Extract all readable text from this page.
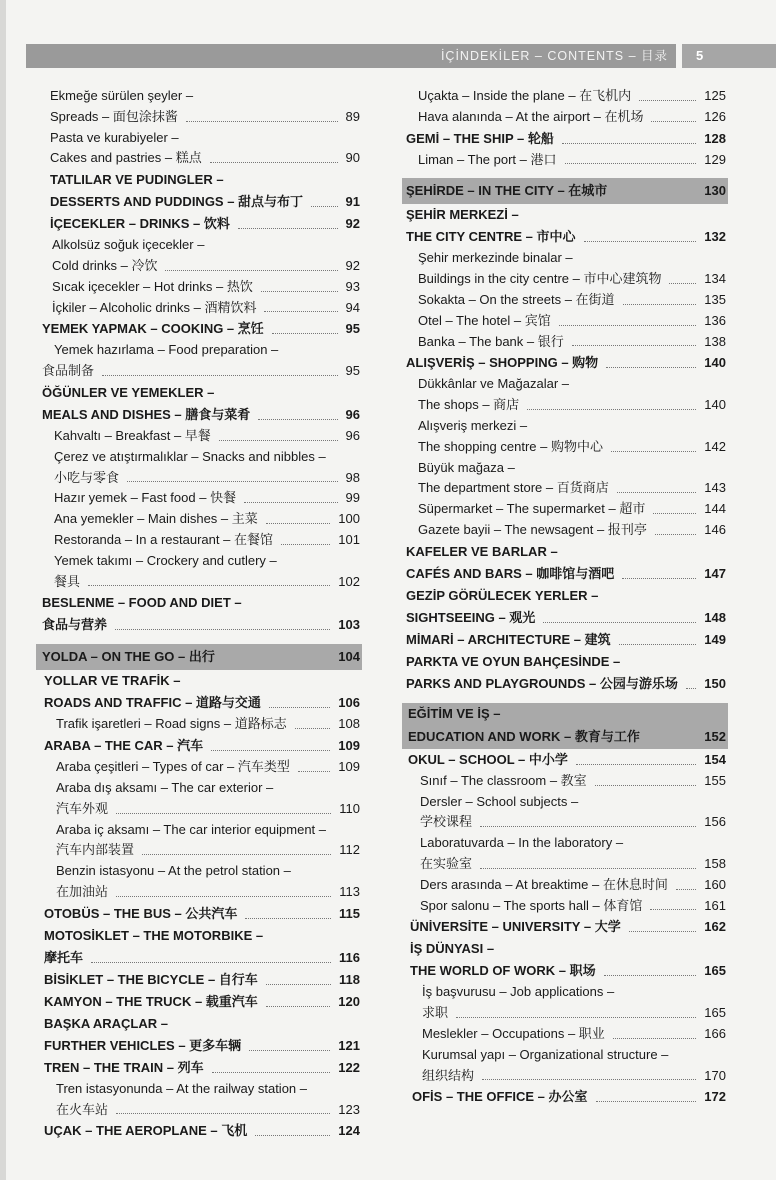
İÇİNDEKİLER – CONTENTS – 目录 5
Ekmeğe sürülen şeyler –
Spreads – 面包涂抹酱	89
Pasta ve kurabiyeler –
Cakes and pastries – 糕点	90
TATLILAR VE PUDINGLER –
DESSERTS AND PUDDINGS – 甜点与布丁	91
İÇECEKLER – DRINKS – 饮料	92
Alkolsüz soğuk içecekler –
Cold drinks – 冷饮	92
Sıcak içecekler – Hot drinks – 热饮	93
İçkiler – Alcoholic drinks – 酒精饮料	94
YEMEK YAPMAK – COOKING – 烹饪	95
Yemek hazırlama – Food preparation –
食品制备	95
ÖĞÜNLER VE YEMEKLER –
MEALS AND DISHES – 膳食与菜肴	96
Kahvaltı – Breakfast – 早餐	96
Çerez ve atıştırmalıklar – Snacks and nibbles –
小吃与零食	98
Hazır yemek – Fast food – 快餐	99
Ana yemekler – Main dishes – 主菜	100
Restoranda – In a restaurant – 在餐馆	101
Yemek takımı – Crockery and cutlery –
餐具	102
BESLENME – FOOD AND DIET –
食品与营养	103
YOLDA – ON THE GO – 出行	104
YOLLAR VE TRAFİK –
ROADS AND TRAFFIC – 道路与交通	106
Trafik işaretleri – Road signs – 道路标志	108
ARABA – THE CAR – 汽车	109
Araba çeşitleri – Types of car – 汽车类型	109
Araba dış aksamı – The car exterior –
汽车外观	110
Araba iç aksamı – The car interior equipment –
汽车内部装置	112
Benzin istasyonu – At the petrol station –
在加油站	113
OTOBÜS – THE BUS – 公共汽车	115
MOTOSİKLET – THE MOTORBIKE –
摩托车	116
BİSİKLET – THE BICYCLE – 自行车	118
KAMYON – THE TRUCK – 载重汽车	120
BAŞKA ARAÇLAR –
FURTHER VEHICLES – 更多车辆	121
TREN – THE TRAIN – 列车	122
Tren istasyonunda – At the railway station –
在火车站	123
UÇAK – THE AEROPLANE – 飞机	124
Uçakta – Inside the plane – 在飞机内	125
Hava alanında – At the airport – 在机场	126
GEMİ – THE SHIP – 轮船	128
Liman – The port – 港口	129
ŞEHİRDE – IN THE CITY – 在城市	130
ŞEHİR MERKEZİ –
THE CITY CENTRE – 市中心	132
Şehir merkezinde binalar –
Buildings in the city centre – 市中心建筑物	134
Sokakta – On the streets – 在街道	135
Otel – The hotel – 宾馆	136
Banka – The bank – 银行	138
ALIŞVERİŞ – SHOPPING – 购物	140
Dükkânlar ve Mağazalar –
The shops – 商店	140
Alışveriş merkezi –
The shopping centre – 购物中心	142
Büyük mağaza –
The department store – 百货商店	143
Süpermarket – The supermarket – 超市	144
Gazete bayii – The newsagent – 报刊亭	146
KAFELER VE BARLAR –
CAFÉS AND BARS – 咖啡馆与酒吧	147
GEZİP GÖRÜLECEK YERLER –
SIGHTSEEING – 观光	148
MİMARİ – ARCHITECTURE – 建筑	149
PARKTA VE OYUN BAHÇESİNDE –
PARKS AND PLAYGROUNDS – 公园与游乐场 150
EĞİTİM VE İŞ –
EDUCATION AND WORK – 教育与工作	152
OKUL – SCHOOL – 中小学	154
Sınıf – The classroom – 教室	155
Dersler – School subjects –
学校课程	156
Laboratuvarda – In the laboratory –
在实验室	158
Ders arasında – At breaktime – 在休息时间	160
Spor salonu – The sports hall – 体育馆	161
ÜNİVERSİTE – UNIVERSITY – 大学	162
İŞ DÜNYASI –
THE WORLD OF WORK – 职场	165
İş başvurusu – Job applications –
求职	165
Meslekler – Occupations – 职业	166
Kurumsal yapı – Organizational structure –
组织结构	170
OFİS – THE OFFICE – 办公室	172
